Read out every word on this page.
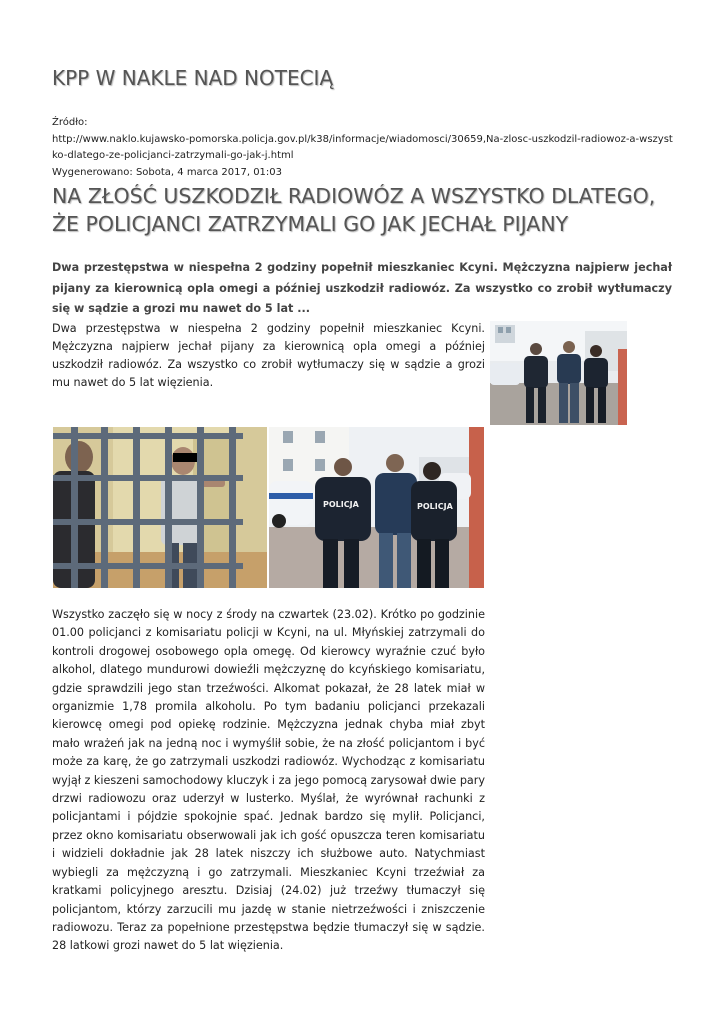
KPP W NAKLE NAD NOTECIĄ
Źródło:
http://www.naklo.kujawsko-pomorska.policja.gov.pl/k38/informacje/wiadomosci/30659,Na-zlosc-uszkodzil-radiowoz-a-wszystko-dlatego-ze-policjanci-zatrzymali-go-jak-j.html
Wygenerowano: Sobota, 4 marca 2017, 01:03
NA ZŁOŚĆ USZKODZIŁ RADIOWÓZ A WSZYSTKO DLATEGO, ŻE POLICJANCI ZATRZYMALI GO JAK JECHAŁ PIJANY
Dwa przestępstwa w niespełna 2 godziny popełnił mieszkaniec Kcyni. Mężczyzna najpierw jechał pijany za kierownicą opla omegi a później uszkodził radiowóz. Za wszystko co zrobił wytłumaczy się w sądzie a grozi mu nawet do 5 lat ...
Dwa przestępstwa w niespełna 2 godziny popełnił mieszkaniec Kcyni. Mężczyzna najpierw jechał pijany za kierownicą opla omegi a później uszkodził radiowóz. Za wszystko co zrobił wytłumaczy się w sądzie a grozi mu nawet do 5 lat więzienia.
POLICJA	POLICJA
Wszystko zaczęło się w nocy z środy na czwartek (23.02). Krótko po godzinie 01.00 policjanci z komisariatu policji w Kcyni, na ul. Młyńskiej zatrzymali do kontroli drogowej osobowego opla omegę. Od kierowcy wyraźnie czuć było alkohol, dlatego mundurowi dowieźli mężczyznę do kcyńskiego komisariatu, gdzie sprawdzili jego stan trzeźwości. Alkomat pokazał, że 28 latek miał w organizmie 1,78 promila alkoholu. Po tym badaniu policjanci przekazali kierowcę omegi pod opiekę rodzinie. Mężczyzna jednak chyba miał zbyt mało wrażeń jak na jedną noc i wymyślił sobie, że na złość policjantom i być może za karę, że go zatrzymali uszkodzi radiowóz. Wychodząc z komisariatu wyjął z kieszeni samochodowy kluczyk i za jego pomocą zarysował dwie pary drzwi radiowozu oraz uderzył w lusterko. Myślał, że wyrównał rachunki z policjantami i pójdzie spokojnie spać. Jednak bardzo się mylił. Policjanci, przez okno komisariatu obserwowali jak ich gość opuszcza teren komisariatu i widzieli dokładnie jak 28 latek niszczy ich służbowe auto. Natychmiast wybiegli za mężczyzną i go zatrzymali. Mieszkaniec Kcyni trzeźwiał za kratkami policyjnego aresztu. Dzisiaj (24.02) już trzeźwy tłumaczył się policjantom, którzy zarzucili mu jazdę w stanie nietrzeźwości i zniszczenie radiowozu. Teraz za popełnione przestępstwa będzie tłumaczył się w sądzie. 28 latkowi grozi nawet do 5 lat więzienia.
